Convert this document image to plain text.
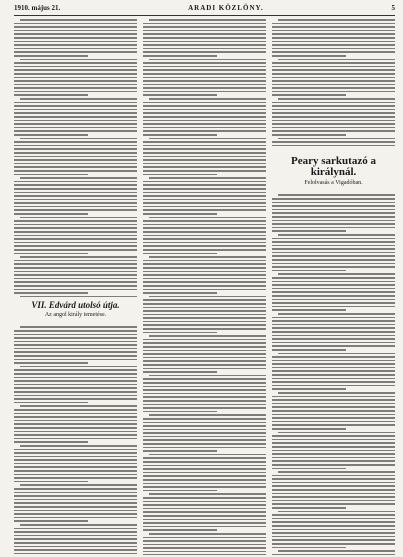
1910. május 21.	ARADI KÖZLÖNY.	5
VII. Edvárd utolsó útja.
Az angol király temetése.
Peary sarkutazó a királynál.
Felolvasás a Vigadóban.
